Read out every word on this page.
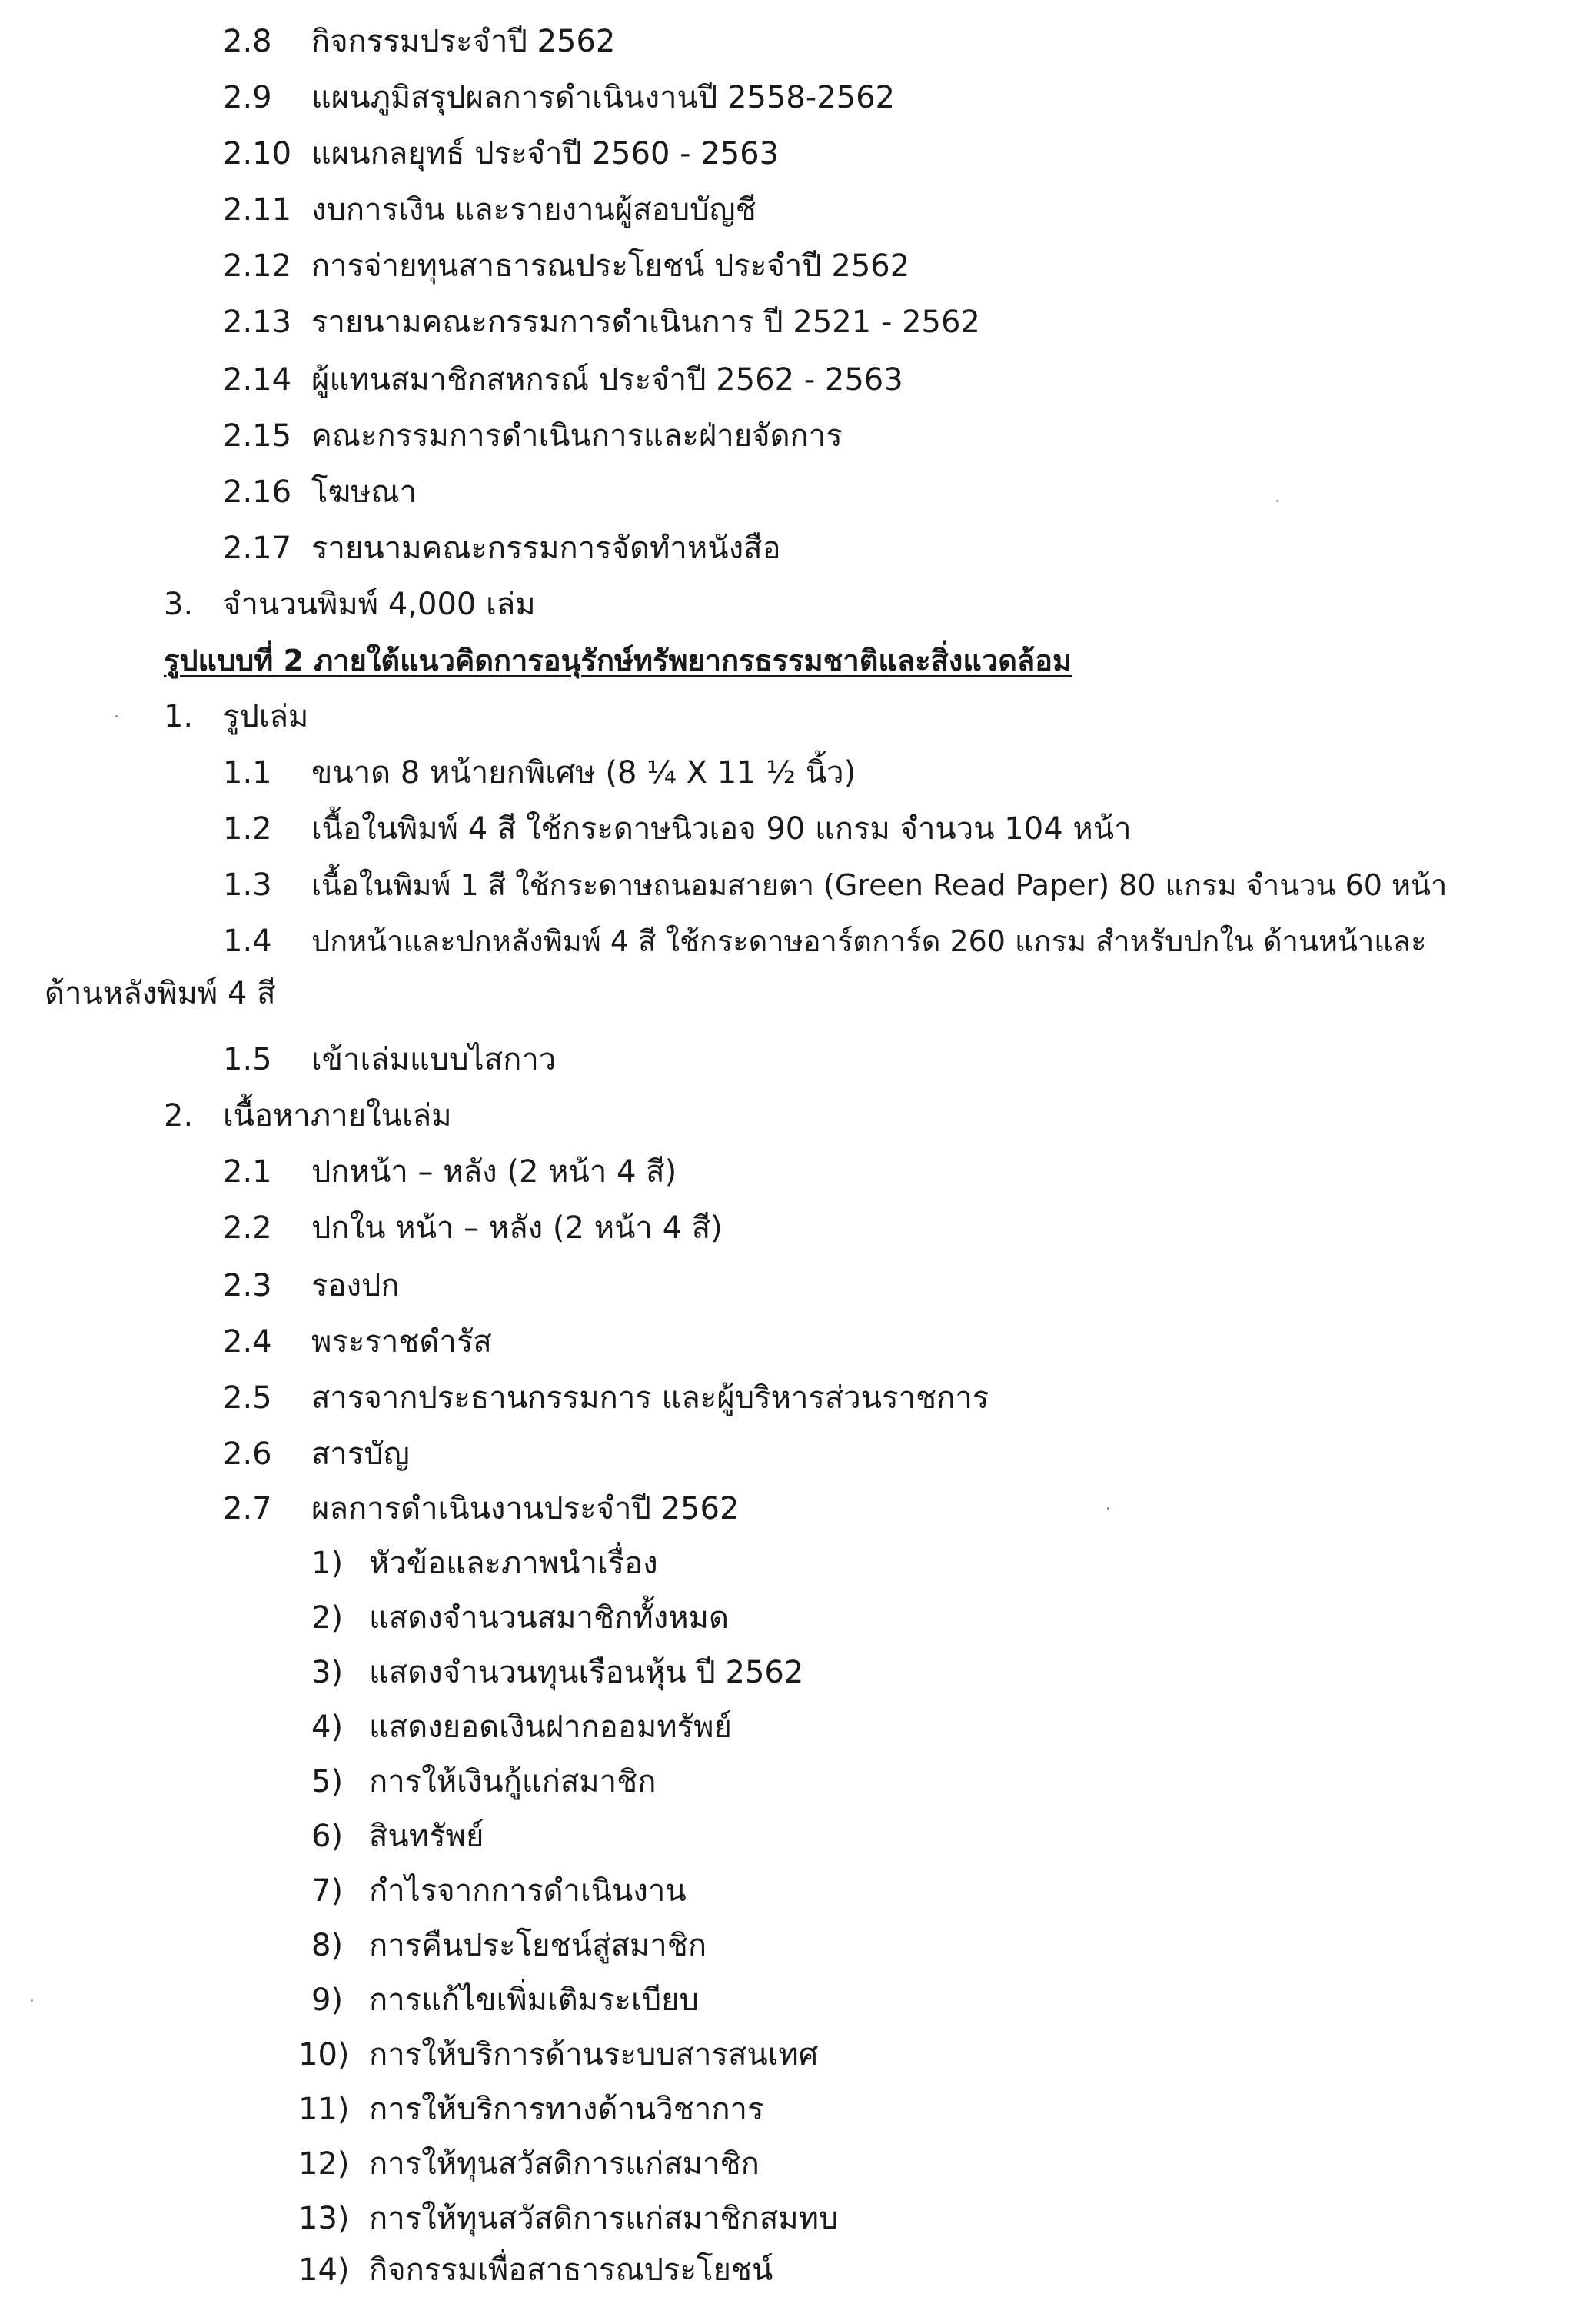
2.8 กิจกรรมประจำปี 2562
2.9 แผนภูมิสรุปผลการดำเนินงานปี 2558-2562
2.10 แผนกลยุทธ์ ประจำปี 2560 - 2563
2.11 งบการเงิน และรายงานผู้สอบบัญชี
2.12 การจ่ายทุนสาธารณประโยชน์ ประจำปี 2562
2.13 รายนามคณะกรรมการดำเนินการ ปี 2521 - 2562
2.14 ผู้แทนสมาชิกสหกรณ์ ประจำปี 2562 - 2563
2.15 คณะกรรมการดำเนินการและฝ่ายจัดการ
2.16 โฆษณา
2.17 รายนามคณะกรรมการจัดทำหนังสือ
3. จำนวนพิมพ์ 4,000 เล่ม
รูปแบบที่ 2 ภายใต้แนวคิดการอนุรักษ์ทรัพยากรธรรมชาติและสิ่งแวดล้อม
1. รูปเล่ม
1.1 ขนาด 8 หน้ายกพิเศษ (8 ¼ X 11 ½ นิ้ว)
1.2 เนื้อในพิมพ์ 4 สี ใช้กระดาษนิวเอจ 90 แกรม จำนวน 104 หน้า
1.3 เนื้อในพิมพ์ 1 สี ใช้กระดาษถนอมสายตา (Green Read Paper) 80 แกรม จำนวน 60 หน้า
1.4 ปกหน้าและปกหลังพิมพ์ 4 สี ใช้กระดาษอาร์ตการ์ด 260 แกรม สำหรับปกใน ด้านหน้าและ
ด้านหลังพิมพ์ 4 สี
1.5 เข้าเล่มแบบไสกาว
2. เนื้อหาภายในเล่ม
2.1 ปกหน้า – หลัง (2 หน้า 4 สี)
2.2 ปกใน หน้า – หลัง (2 หน้า 4 สี)
2.3 รองปก
2.4 พระราชดำรัส
2.5 สารจากประธานกรรมการ และผู้บริหารส่วนราชการ
2.6 สารบัญ
2.7 ผลการดำเนินงานประจำปี 2562
1) หัวข้อและภาพนำเรื่อง
2) แสดงจำนวนสมาชิกทั้งหมด
3) แสดงจำนวนทุนเรือนหุ้น ปี 2562
4) แสดงยอดเงินฝากออมทรัพย์
5) การให้เงินกู้แก่สมาชิก
6) สินทรัพย์
7) กำไรจากการดำเนินงาน
8) การคืนประโยชน์สู่สมาชิก
9) การแก้ไขเพิ่มเติมระเบียบ
10) การให้บริการด้านระบบสารสนเทศ
11) การให้บริการทางด้านวิชาการ
12) การให้ทุนสวัสดิการแก่สมาชิก
13) การให้ทุนสวัสดิการแก่สมาชิกสมทบ
14) กิจกรรมเพื่อสาธารณประโยชน์
